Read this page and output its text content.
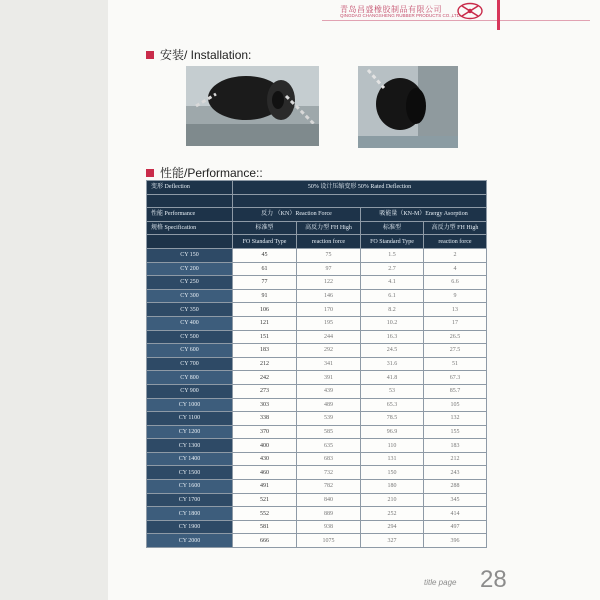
青岛昌盛橡胶制品有限公司
QINGDAO CHANGSHENG RUBBER PRODUCTS CO.,LTD.
安装/ Installation:
性能/Performance::
变形 Deflection	50% 设计压缩变形 50% Rated Deflection			

性能 Performance	反力 （KN）Reaction Force		吸能量（KN-M）Energy Asorption	
规格 Specification	标准型	高反力型 FH High	标准型	高反力型 FH High
	FO Standard Type	reaction force	FO Standard Type	reaction force
CY 150	45	75	1.5	2
CY 200	61	97	2.7	4
CY 250	77	122	4.1	6.6
CY 300	91	146	6.1	9
CY 350	106	170	8.2	13
CY 400	121	195	10.2	17
CY 500	151	244	16.3	26.5
CY 600	183	292	24.5	27.5
CY 700	212	341	31.6	51
CY 800	242	391	41.8	67.3
CY 900	273	439	53	85.7
CY 1000	303	489	65.3	105
CY 1100	338	539	78.5	132
CY 1200	370	585	96.9	155
CY 1300	400	635	110	183
CY 1400	430	683	131	212
CY 1500	460	732	150	243
CY 1600	491	782	180	288
CY 1700	521	840	210	345
CY 1800	552	889	252	414
CY 1900	581	938	294	497
CY 2000	666	1075	327	396
title page 28
